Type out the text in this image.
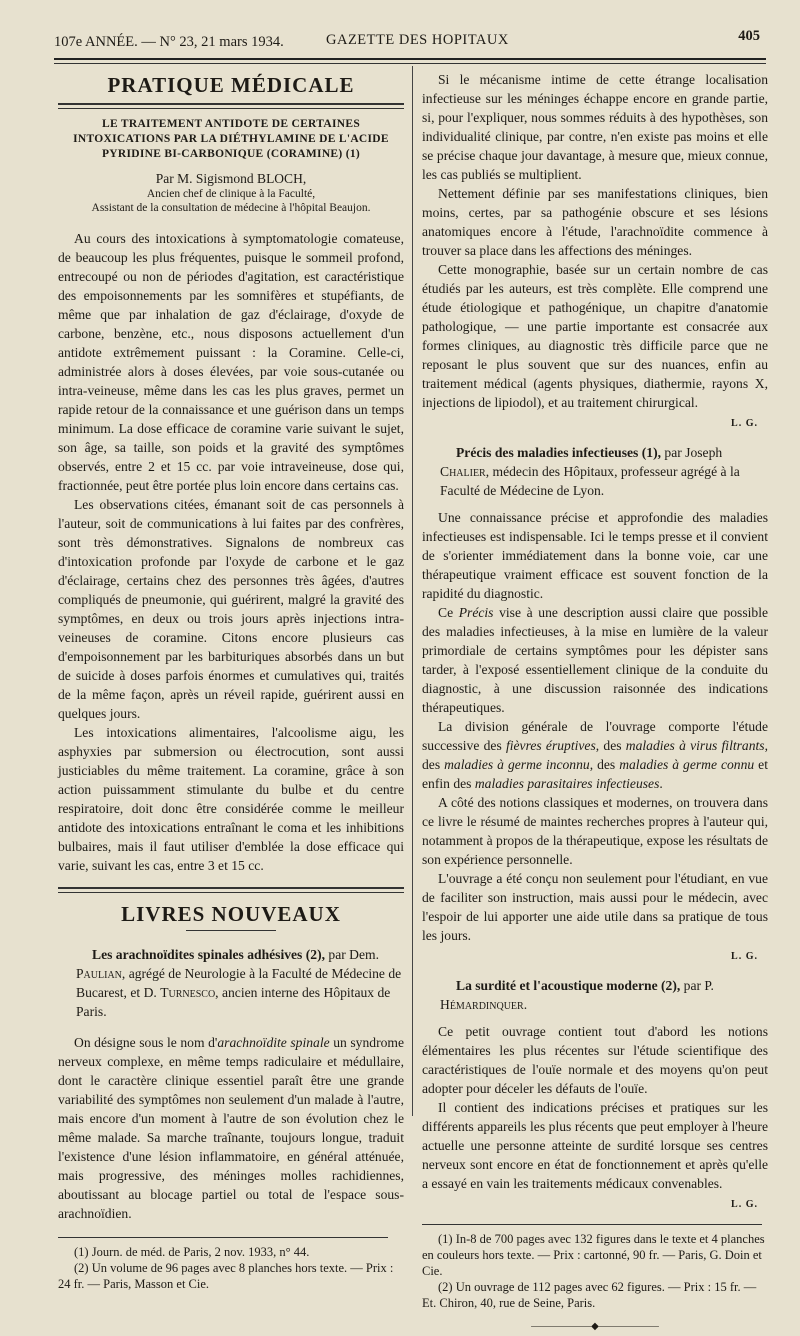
107e ANNÉE. — N° 23, 21 mars 1934.	GAZETTE DES HOPITAUX	405
PRATIQUE MÉDICALE
LE TRAITEMENT ANTIDOTE DE CERTAINES INTOXICATIONS PAR LA DIÉTHYLAMINE DE L'ACIDE PYRIDINE BI-CARBONIQUE (CORAMINE) (1)
Par M. Sigismond BLOCH,
Ancien chef de clinique à la Faculté,
Assistant de la consultation de médecine à l'hôpital Beaujon.

Au cours des intoxications à symptomatologie comateuse, de beaucoup les plus fréquentes, puisque le sommeil profond, entrecoupé ou non de périodes d'agitation, est caractéristique des empoisonnements par les somnifères et stupéfiants, de même que par inhalation de gaz d'éclairage, d'oxyde de carbone, benzène, etc., nous disposons actuellement d'un antidote extrêmement puissant : la Coramine. Celle-ci, administrée alors à doses élevées, par voie sous-cutanée ou intra-veineuse, même dans les cas les plus graves, permet un rapide retour de la connaissance et une guérison dans un temps minimum. La dose efficace de coramine varie suivant le sujet, son âge, sa taille, son poids et la gravité des symptômes observés, entre 2 et 15 cc. par voie intraveineuse, dose qui, fractionnée, peut être portée plus loin encore dans certains cas.

Les observations citées, émanant soit de cas personnels à l'auteur, soit de communications à lui faites par des confrères, sont très démonstratives. Signalons de nombreux cas d'intoxication profonde par l'oxyde de carbone et le gaz d'éclairage, certains chez des personnes très âgées, d'autres compliqués de pneumonie, qui guérirent, malgré la gravité des symptômes, en deux ou trois jours après injections intra-veineuses de coramine. Citons encore plusieurs cas d'empoisonnement par les barbituriques absorbés dans un but de suicide à doses parfois énormes et cumulatives qui, traités de la même façon, après un réveil rapide, guérirent aussi en quelques jours.

Les intoxications alimentaires, l'alcoolisme aigu, les asphyxies par submersion ou électrocution, sont aussi justiciables du même traitement. La coramine, grâce à son action puissamment stimulante du bulbe et du centre respiratoire, doit donc être considérée comme le meilleur antidote des intoxications entraînant le coma et les inhibitions bulbaires, mais il faut utiliser d'emblée la dose efficace qui varie, suivant les cas, entre 3 et 15 cc.

LIVRES NOUVEAUX

Les arachnoïdites spinales adhésives (2), par Dem. Paulian, agrégé de Neurologie à la Faculté de Médecine de Bucarest, et D. Turnesco, ancien interne des Hôpitaux de Paris.

On désigne sous le nom d'arachnoïdite spinale un syndrome nerveux complexe, en même temps radiculaire et médullaire, dont le caractère clinique essentiel paraît être une grande variabilité des symptômes non seulement d'un malade à l'autre, mais encore d'un moment à l'autre de son évolution chez le même malade. Sa marche traînante, toujours longue, traduit l'existence d'une lésion inflammatoire, en général atténuée, mais progressive, des méninges molles rachidiennes, aboutissant au blocage partiel ou total de l'espace sous-arachnoïdien.

(1) Journ. de méd. de Paris, 2 nov. 1933, n° 44.

(2) Un volume de 96 pages avec 8 planches hors texte. — Prix : 24 fr. — Paris, Masson et Cie.

Si le mécanisme intime de cette étrange localisation infectieuse sur les méninges échappe encore en grande partie, si, pour l'expliquer, nous sommes réduits à des hypothèses, son individualité clinique, par contre, n'en existe pas moins et elle se précise chaque jour davantage, à mesure que, mieux connue, les cas publiés se multiplient.

Nettement définie par ses manifestations cliniques, bien moins, certes, par sa pathogénie obscure et ses lésions anatomiques encore à l'étude, l'arachnoïdite commence à trouver sa place dans les affections des méninges.

Cette monographie, basée sur un certain nombre de cas étudiés par les auteurs, est très complète. Elle comprend une étude étiologique et pathogénique, un chapitre d'anatomie pathologique, — une partie importante est consacrée aux formes cliniques, au diagnostic très difficile parce que ne reposant le plus souvent que sur des nuances, enfin au traitement médical (agents physiques, diathermie, rayons X, injections de lipiodol), et au traitement chirurgical.

L. G.

Précis des maladies infectieuses (1), par Joseph Chalier, médecin des Hôpitaux, professeur agrégé à la Faculté de Médecine de Lyon.

Une connaissance précise et approfondie des maladies infectieuses est indispensable. Ici le temps presse et il convient de s'orienter immédiatement dans la bonne voie, car une thérapeutique vraiment efficace est souvent fonction de la rapidité du diagnostic.

Ce Précis vise à une description aussi claire que possible des maladies infectieuses, à la mise en lumière de la valeur primordiale de certains symptômes pour les dépister sans tarder, à l'exposé essentiellement clinique de la conduite du diagnostic, à une discussion raisonnée des indications thérapeutiques.

La division générale de l'ouvrage comporte l'étude successive des fièvres éruptives, des maladies à virus filtrants, des maladies à germe inconnu, des maladies à germe connu et enfin des maladies parasitaires infectieuses.

A côté des notions classiques et modernes, on trouvera dans ce livre le résumé de maintes recherches propres à l'auteur qui, notamment à propos de la thérapeutique, expose les résultats de son expérience personnelle.

L'ouvrage a été conçu non seulement pour l'étudiant, en vue de faciliter son instruction, mais aussi pour le médecin, avec l'espoir de lui apporter une aide utile dans sa pratique de tous les jours.

L. G.

La surdité et l'acoustique moderne (2), par P. Hémardinquer.

Ce petit ouvrage contient tout d'abord les notions élémentaires les plus récentes sur l'étude scientifique des caractéristiques de l'ouïe normale et des moyens qu'on peut adopter pour déceler les défauts de l'ouïe.

Il contient des indications précises et pratiques sur les différents appareils les plus récents que peut employer à l'heure actuelle une personne atteinte de surdité lorsque ses centres nerveux sont encore en état de fonctionnement et après qu'elle a essayé en vain les traitements médicaux convenables.

L. G.

(1) In-8 de 700 pages avec 132 figures dans le texte et 4 planches en couleurs hors texte. — Prix : cartonné, 90 fr. — Paris, G. Doin et Cie.

(2) Un ouvrage de 112 pages avec 62 figures. — Prix : 15 fr. — Et. Chiron, 40, rue de Seine, Paris.

——————◆——————
